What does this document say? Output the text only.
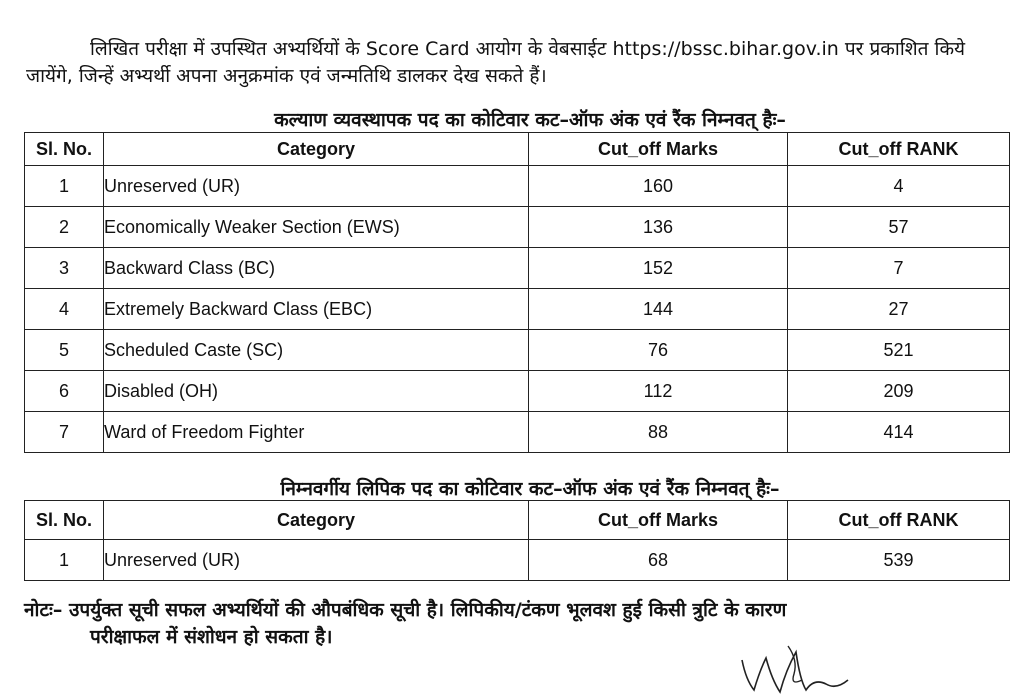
लिखित परीक्षा में उपस्थित अभ्यर्थियों के Score Card आयोग के वेबसाईट https://bssc.bihar.gov.in पर प्रकाशित किये जायेंगे, जिन्हें अभ्यर्थी अपना अनुक्रमांक एवं जन्मतिथि डालकर देख सकते हैं।
कल्याण व्यवस्थापक पद का कोटिवार कट–ऑफ अंक एवं रैंक निम्नवत् हैः–
Sl. No.	Category	Cut_off Marks	Cut_off RANK
1	Unreserved (UR)	160	4
2	Economically Weaker Section (EWS)	136	57
3	Backward Class (BC)	152	7
4	Extremely Backward Class (EBC)	144	27
5	Scheduled Caste (SC)	76	521
6	Disabled (OH)	112	209
7	Ward of Freedom Fighter	88	414
निम्नवर्गीय लिपिक पद का कोटिवार कट–ऑफ अंक एवं रैंक निम्नवत् हैः–
Sl. No.	Category	Cut_off Marks	Cut_off RANK
1	Unreserved (UR)	68	539
नोटः– उपर्युक्त सूची सफल अभ्यर्थियों की औपबंधिक सूची है। लिपिकीय/टंकण भूलवश हुई किसी त्रुटि के कारण
परीक्षाफल में संशोधन हो सकता है।
